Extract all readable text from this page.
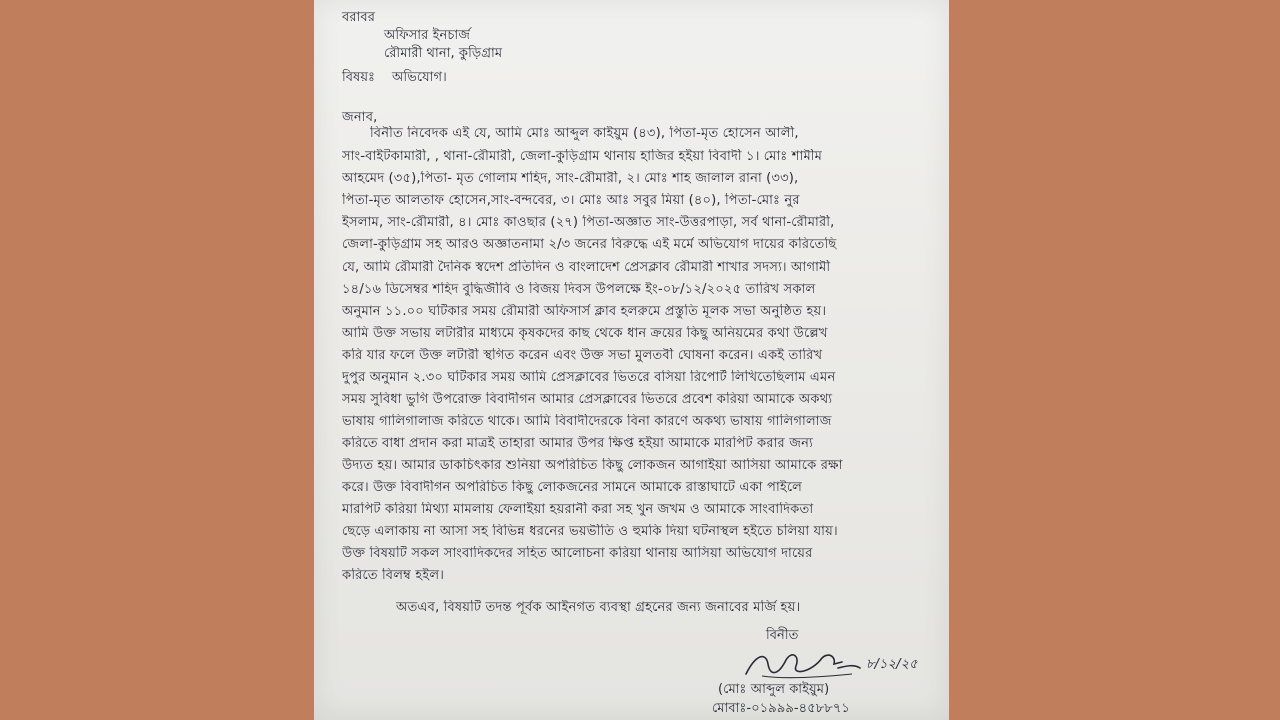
বরাবর
অফিসার ইনচার্জ
রৌমারী থানা, কুড়িগ্রাম
বিষয়ঃ অভিযোগ।
জনাব,
বিনীত নিবেদক এই যে, আমি মোঃ আব্দুল কাইয়ুম (৪৩), পিতা-মৃত হোসেন আলী,
সাং-বাইটকামারী, , থানা-রৌমারী, জেলা-কুড়িগ্রাম থানায় হাজির হইয়া বিবাদী ১। মোঃ শামীম
আহমেদ (৩৫),পিতা- মৃত গোলাম শহিদ, সাং-রৌমারী, ২। মোঃ শাহ জালাল রানা (৩৩),
পিতা-মৃত আলতাফ হোসেন,সাং-বন্দবের, ৩। মোঃ আঃ সবুর মিয়া (৪০), পিতা-মোঃ নুর
ইসলাম, সাং-রৌমারী, ৪। মোঃ কাওছার (২৭) পিতা-অজ্ঞাত সাং-উত্তরপাড়া, সর্ব থানা-রৌমারী,
জেলা-কুড়িগ্রাম সহ আরও অজ্ঞাতনামা ২/৩ জনের বিরুদ্ধে এই মর্মে অভিযোগ দায়ের করিতেছি
যে, আমি রৌমারী দৈনিক স্বদেশ প্রতিদিন ও বাংলাদেশ প্রেসক্লাব রৌমারী শাখার সদস্য। আগামী
১৪/১৬ ডিসেম্বর শহিদ বুদ্ধিজীবি ও বিজয় দিবস উপলক্ষে ইং-০৮/১২/২০২৫ তারিখ সকাল
অনুমান ১১.০০ ঘটিকার সময় রৌমারী অফিসার্স ক্লাব হলরুমে প্রস্তুতি মূলক সভা অনুষ্ঠিত হয়।
আমি উক্ত সভায় লটারীর মাধ্যমে কৃষকদের কাছ থেকে ধান ক্রয়ের কিছু অনিয়মের কথা উল্লেখ
করি যার ফলে উক্ত লটারী স্থগিত করেন এবং উক্ত সভা মুলতবী ঘোষনা করেন। একই তারিখ
দুপুর অনুমান ২.৩০ ঘটিকার সময় আমি প্রেসক্লাবের ভিতরে বসিয়া রিপোর্ট লিখিতেছিলাম এমন
সময় সুবিধা ভুগি উপরোক্ত বিবাদীগন আমার প্রেসক্লাবের ভিতরে প্রবেশ করিয়া আমাকে অকথ্য
ভাষায় গালিগালাজ করিতে থাকে। আমি বিবাদীদেরকে বিনা কারণে অকথ্য ভাষায় গালিগালাজ
করিতে বাধা প্রদান করা মাত্রই তাহারা আমার উপর ক্ষিপ্ত হইয়া আমাকে মারপিট করার জন্য
উদ্যত হয়। আমার ডাকচিৎকার শুনিয়া অপরিচিত কিছু লোকজন আগাইয়া আসিয়া আমাকে রক্ষা
করে। উক্ত বিবাদীগন অপরিচিত কিছু লোকজনের সামনে আমাকে রাস্তাঘাটে একা পাইলে
মারপিট করিয়া মিথ্যা মামলায় ফেলাইয়া হয়রানী করা সহ খুন জখম ও আমাকে সাংবাদিকতা
ছেড়ে এলাকায় না আসা সহ বিভিন্ন ধরনের ভয়ভীতি ও হুমকি দিয়া ঘটনাস্থল হইতে চলিয়া যায়।
উক্ত বিষয়টি সকল সাংবাদিকদের সহিত আলোচনা করিয়া থানায় আসিয়া অভিযোগ দায়ের
করিতে বিলম্ব হইল।
অতএব, বিষয়টি তদন্ত পূর্বক আইনগত ব্যবস্থা গ্রহনের জন্য জনাবের মর্জি হয়।
বিনীত
৮/১২/২৫
(মোঃ আব্দুল কাইয়ুম)
মোবাঃ-০১৯৯৯-৪৫৮৮৭১
